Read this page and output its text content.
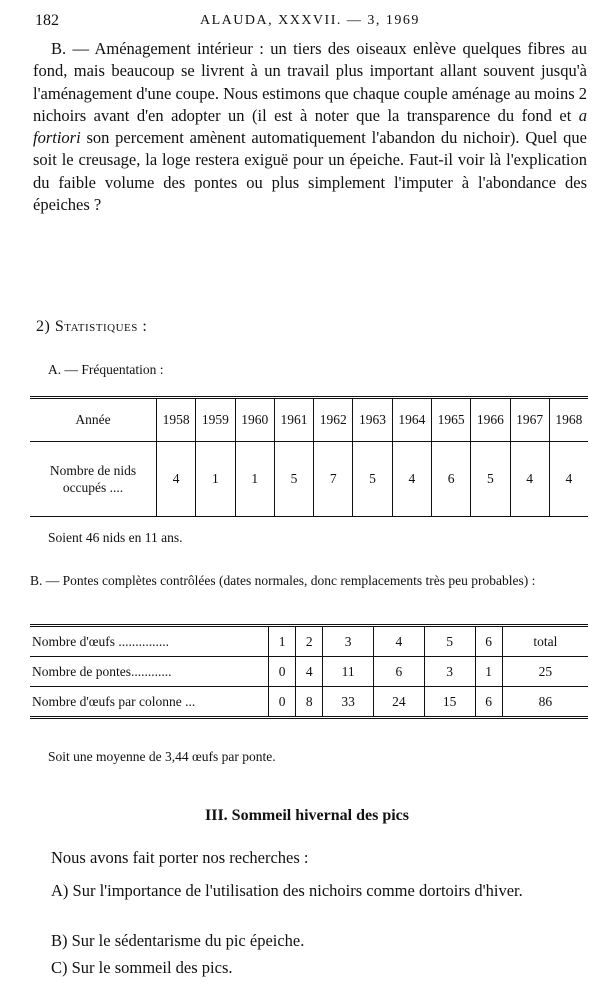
182	ALAUDA, XXXVII. — 3, 1969

B. — Aménagement intérieur : un tiers des oiseaux enlève quelques fibres au fond, mais beaucoup se livrent à un travail plus important allant souvent jusqu'à l'aménagement d'une coupe. Nous estimons que chaque couple aménage au moins 2 nichoirs avant d'en adopter un (il est à noter que la transparence du fond et a fortiori son percement amènent automatiquement l'abandon du nichoir). Quel que soit le creusage, la loge restera exiguë pour un épeiche. Faut-il voir là l'explication du faible volume des pontes ou plus simplement l'imputer à l'abondance des épeiches ?

2) Statistiques :
A. — Fréquentation :
Année	1958	1959	1960	1961	1962	1963	1964	1965	1966	1967	1968
Nombre de nids occupés ....	4	1	1	5	7	5	4	6	5	4	4
Soient 46 nids en 11 ans.
B. — Pontes complètes contrôlées (dates normales, donc remplacements très peu probables) :
Nombre d'œufs ...............	1	2	3	4	5	6	total
Nombre de pontes............	0	4	11	6	3	1	25
Nombre d'œufs par colonne ...	0	8	33	24	15	6	86
Soit une moyenne de 3,44 œufs par ponte.
III. Sommeil hivernal des pics
Nous avons fait porter nos recherches :
A) Sur l'importance de l'utilisation des nichoirs comme dortoirs d'hiver.
B) Sur le sédentarisme du pic épeiche.
C) Sur le sommeil des pics.
